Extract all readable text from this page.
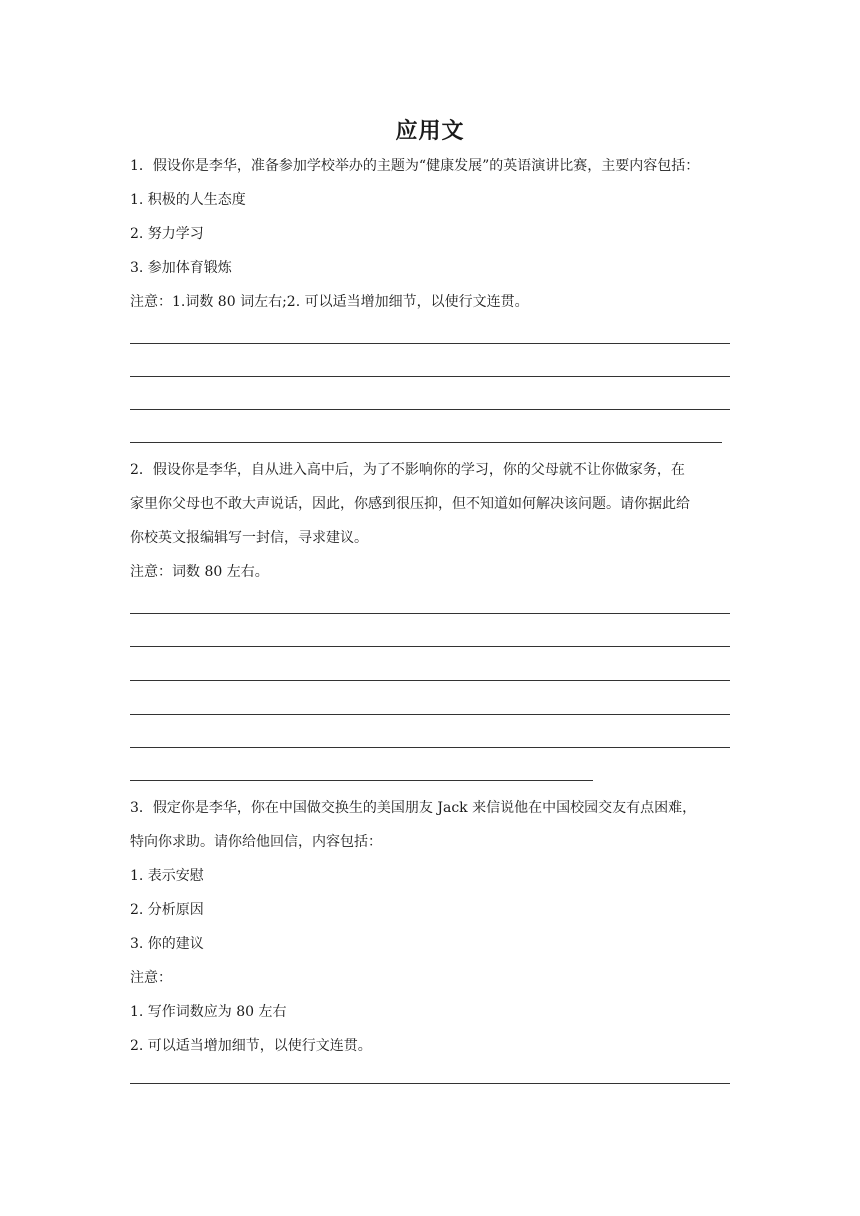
应用文
1．假设你是李华，准备参加学校举办的主题为“健康发展”的英语演讲比赛，主要内容包括：
1. 积极的人生态度
2. 努力学习
3. 参加体育锻炼
注意：1.词数 80 词左右;2. 可以适当增加细节，以使行文连贯。
2．假设你是李华，自从进入高中后，为了不影响你的学习，你的父母就不让你做家务，在
家里你父母也不敢大声说话，因此，你感到很压抑，但不知道如何解决该问题。请你据此给
你校英文报编辑写一封信，寻求建议。
注意：词数 80 左右。
3．假定你是李华，你在中国做交换生的美国朋友 Jack 来信说他在中国校园交友有点困难，
特向你求助。请你给他回信，内容包括：
1. 表示安慰
2. 分析原因
3. 你的建议
注意：
1. 写作词数应为 80 左右
2. 可以适当增加细节，以使行文连贯。
